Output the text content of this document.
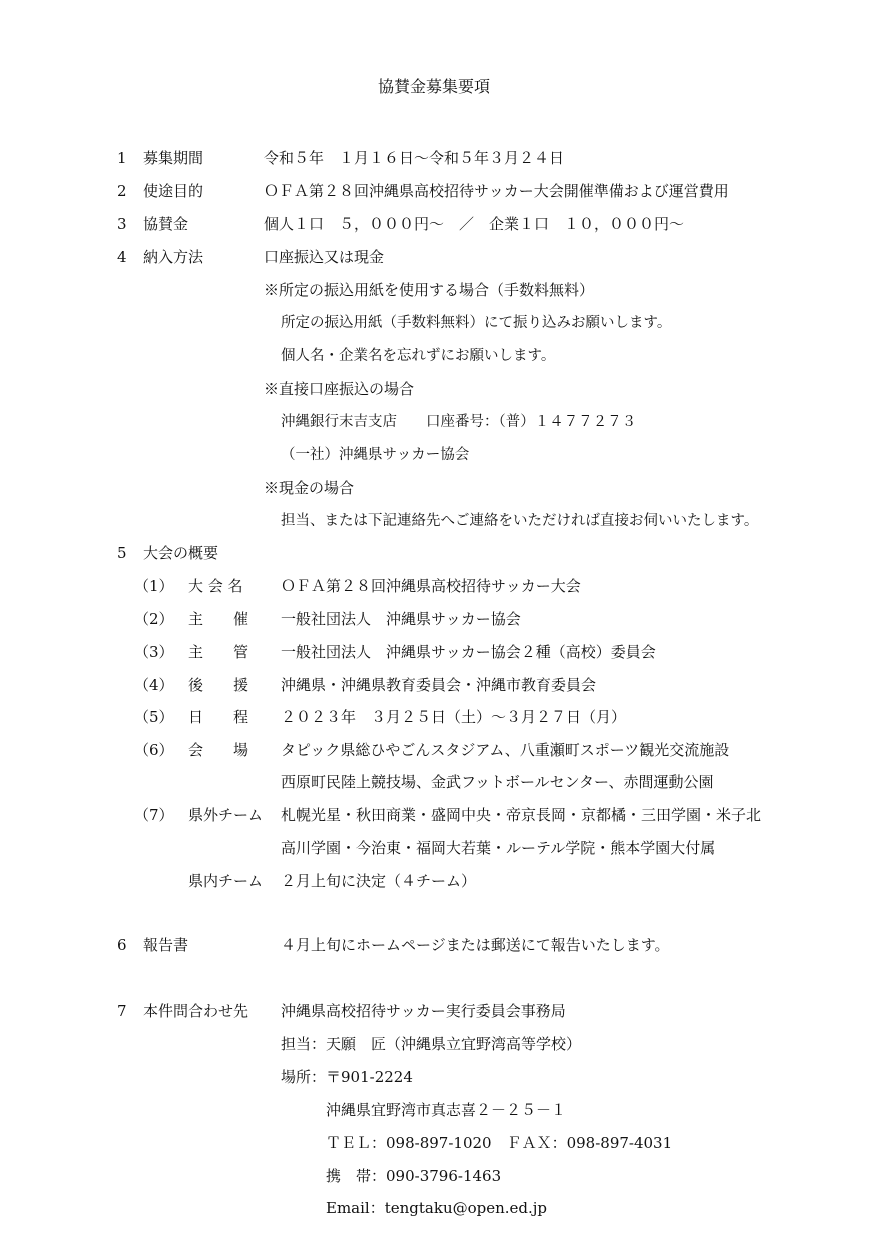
協賛金募集要項
1 募集期間	令和５年　１月１６日～令和５年３月２４日
2 使途目的	ＯＦＡ第２８回沖縄県高校招待サッカー大会開催準備および運営費用
3 協賛金	個人１口　５，０００円～　／　企業１口　１０，０００円～
4 納入方法	口座振込又は現金
※所定の振込用紙を使用する場合（手数料無料）
所定の振込用紙（手数料無料）にて振り込みお願いします。
個人名・企業名を忘れずにお願いします。
※直接口座振込の場合
沖縄銀行末吉支店　　口座番号：（普）１４７７２７３
（一社）沖縄県サッカー協会
※現金の場合
担当、または下記連絡先へご連絡をいただければ直接お伺いいたします。
5 大会の概要
（1） 大 会 名	ＯＦＡ第２８回沖縄県高校招待サッカー大会
（2） 主　　催 一般社団法人　沖縄県サッカー協会
（3） 主　　管 一般社団法人　沖縄県サッカー協会２種（高校）委員会
（4） 後　　援 沖縄県・沖縄県教育委員会・沖縄市教育委員会
（5） 日　　程 ２０２３年　３月２５日（土）～３月２７日（月）
（6） 会　　場 タピック県総ひやごんスタジアム、八重瀬町スポーツ観光交流施設
西原町民陸上競技場、金武フットボールセンター、赤間運動公園
（7） 県外チーム 札幌光星・秋田商業・盛岡中央・帝京長岡・京都橘・三田学園・米子北
高川学園・今治東・福岡大若葉・ルーテル学院・熊本学園大付属
県内チーム ２月上旬に決定（４チーム）
6 報告書	４月上旬にホームページまたは郵送にて報告いたします。
7 本件問合わせ先 沖縄県高校招待サッカー実行委員会事務局
担当：天願　匠（沖縄県立宜野湾高等学校）
場所：〒901-2224
沖縄県宜野湾市真志喜２－２５－１
ＴＥＬ：098-897-1020　ＦＡＸ：098-897-4031
携　帯：090-3796-1463
Email：tengtaku@open.ed.jp
